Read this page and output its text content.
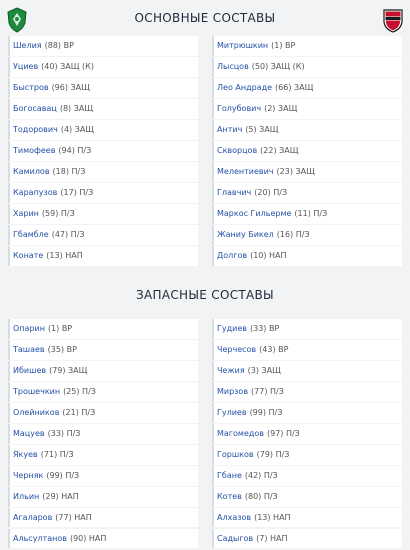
ОСНОВНЫЕ СОСТАВЫ
Шелия (88) ВР
Уциев (40) ЗАЩ (К)
Быстров (96) ЗАЩ
Богосавац (8) ЗАЩ
Тодорович (4) ЗАЩ
Тимофеев (94) П/З
Камилов (18) П/З
Карапузов (17) П/З
Харин (59) П/З
Гбамбле (47) П/З
Конате (13) НАП
Митрюшкин (1) ВР
Лысцов (50) ЗАЩ (К)
Лео Андраде (66) ЗАЩ
Голубович (2) ЗАЩ
Антич (5) ЗАЩ
Скворцов (22) ЗАЩ
Мелентиевич (23) ЗАЩ
Главчич (20) П/З
Маркос Гильерме (11) П/З
Жаниу Бикел (16) П/З
Долгов (10) НАП
ЗАПАСНЫЕ СОСТАВЫ
Опарин (1) ВР
Ташаев (35) ВР
Ибишев (79) ЗАЩ
Трошечкин (25) П/З
Олейников (21) П/З
Мацуев (33) П/З
Якуев (71) П/З
Черняк (99) П/З
Ильин (29) НАП
Агаларов (77) НАП
Альсултанов (90) НАП
Гудиев (33) ВР
Черчесов (43) ВР
Чежия (3) ЗАЩ
Мирзов (77) П/З
Гулиев (99) П/З
Магомедов (97) П/З
Горшков (79) П/З
Гбане (42) П/З
Котев (80) П/З
Алхазов (13) НАП
Садыгов (7) НАП
